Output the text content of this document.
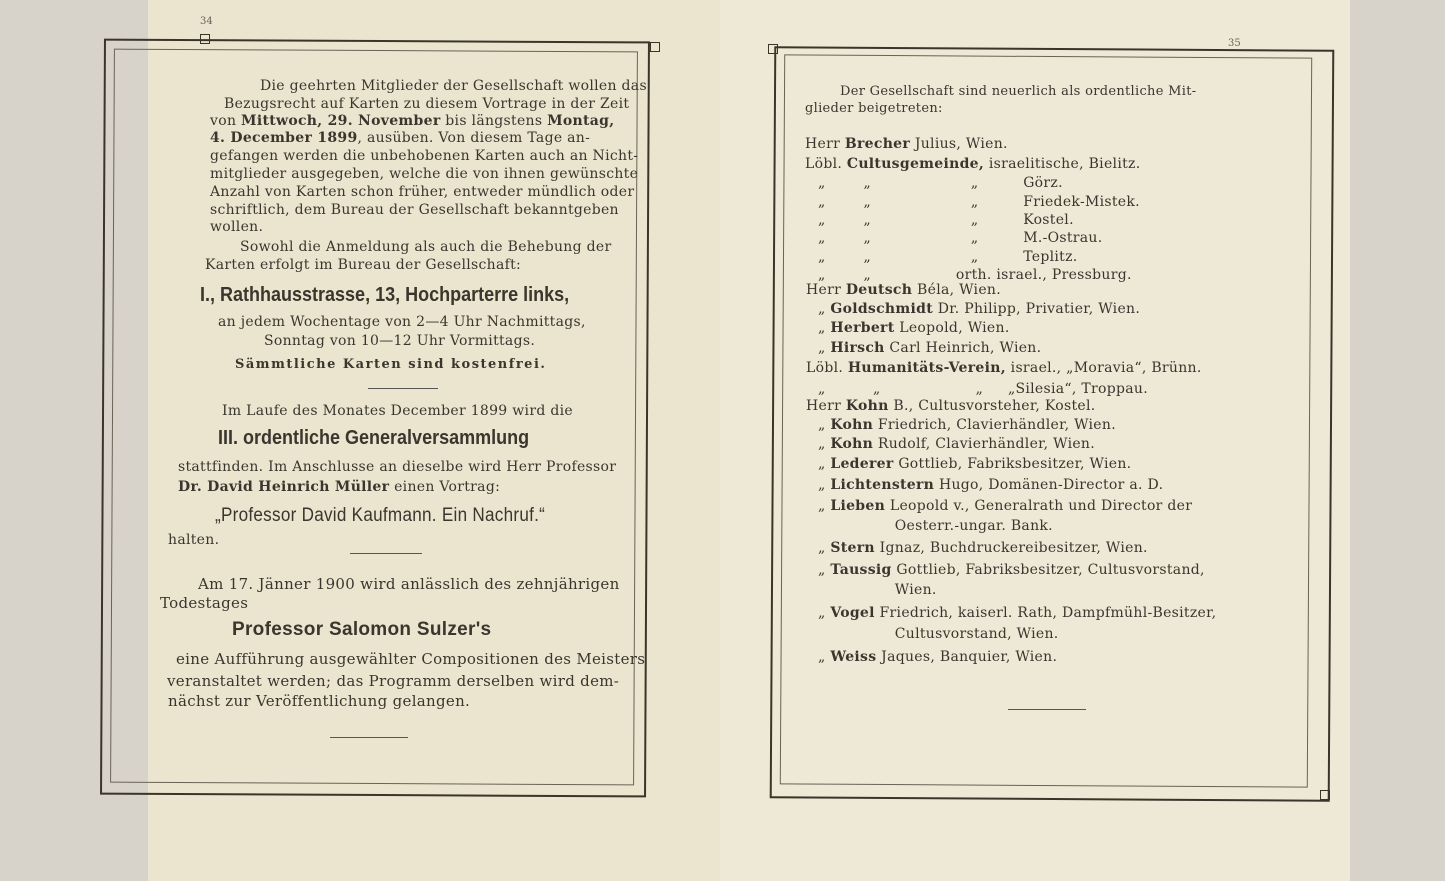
34
35
Die geehrten Mitglieder der Gesellschaft wollen das
Bezugsrecht auf Karten zu diesem Vortrage in der Zeit
von Mittwoch, 29. November bis längstens Montag,
4. December 1899, ausüben. Von diesem Tage an-
gefangen werden die unbehobenen Karten auch an Nicht-
mitglieder ausgegeben, welche die von ihnen gewünschte
Anzahl von Karten schon früher, entweder mündlich oder
schriftlich, dem Bureau der Gesellschaft bekanntgeben
wollen.
Sowohl die Anmeldung als auch die Behebung der
Karten erfolgt im Bureau der Gesellschaft:
I., Rathhausstrasse, 13, Hochparterre links,
an jedem Wochentage von 2—4 Uhr Nachmittags,
Sonntag von 10—12 Uhr Vormittags.
Sämmtliche Karten sind kostenfrei.
Im Laufe des Monates December 1899 wird die
III. ordentliche Generalversammlung
stattfinden. Im Anschlusse an dieselbe wird Herr Professor
Dr. David Heinrich Müller einen Vortrag:
„Professor David Kaufmann. Ein Nachruf.“
halten.
Am 17. Jänner 1900 wird anlässlich des zehnjährigen
Todestages
Professor Salomon Sulzer's
eine Aufführung ausgewählter Compositionen des Meisters
veranstaltet werden; das Programm derselben wird dem-
nächst zur Veröffentlichung gelangen.
Der Gesellschaft sind neuerlich als ordentliche Mit-
glieder beigetreten:
Herr Brecher Julius, Wien.
Löbl. Cultusgemeinde, israelitische, Bielitz.
„        „                     „	Görz.
„        „                     „	Friedek-Mistek.
„        „                     „	Kostel.
„        „                     „	M.-Ostrau.
„        „                     „	Teplitz.
„        „	orth. israel., Pressburg.
Herr Deutsch Béla, Wien.
„ Goldschmidt Dr. Philipp, Privatier, Wien.
„ Herbert Leopold, Wien.
„ Hirsch Carl Heinrich, Wien.
Löbl. Humanitäts-Verein, israel., „Moravia“, Brünn.
„          „                    „ „Silesia“, Troppau.
Herr Kohn B., Cultusvorsteher, Kostel.
„ Kohn Friedrich, Clavierhändler, Wien.
„ Kohn Rudolf, Clavierhändler, Wien.
„ Lederer Gottlieb, Fabriksbesitzer, Wien.
„ Lichtenstern Hugo, Domänen-Director a. D.
„ Lieben Leopold v., Generalrath und Director der
Oesterr.-ungar. Bank.
„ Stern Ignaz, Buchdruckereibesitzer, Wien.
„ Taussig Gottlieb, Fabriksbesitzer, Cultusvorstand,
Wien.
„ Vogel Friedrich, kaiserl. Rath, Dampfmühl-Besitzer,
Cultusvorstand, Wien.
„ Weiss Jaques, Banquier, Wien.
